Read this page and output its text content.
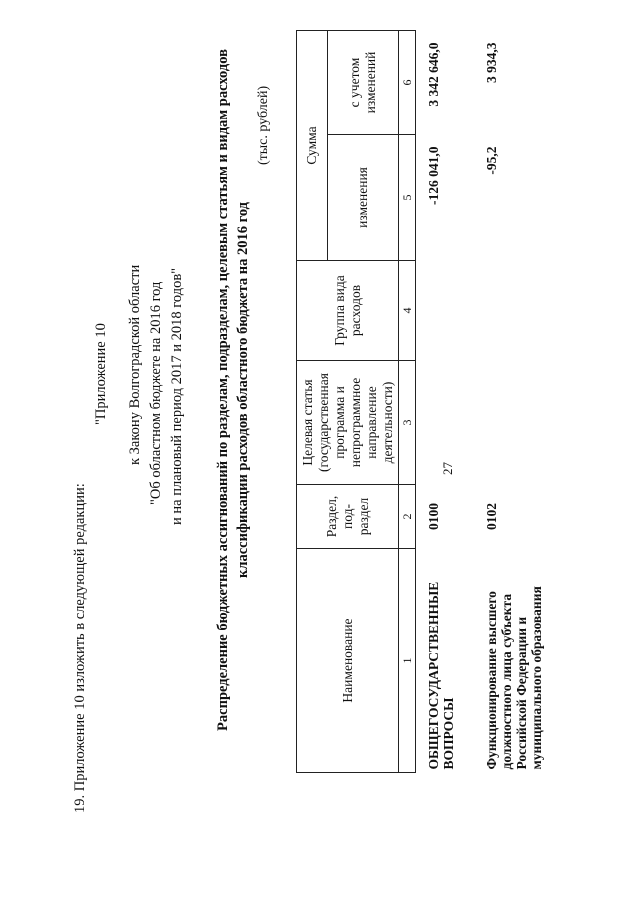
27
19. Приложение 10 изложить в следующей редакции:
"Приложение 10 к Закону Волгоградской области "Об областном бюджете на 2016 год и на плановый период 2017 и 2018 годов" Распределение бюджетных ассигнований по разделам, подразделам, целевым статьям и видам расходов классификации расходов областного бюджета на 2016 год
(тыс. рублей)
Наименование	Раздел, под-раздел	Целевая статья (государственная программа и непрограммное направление деятельности)	Группа вида расходов	Сумма	
				изменения	с учетом изменений
1	2	3	4	5	6
ОБЩЕГОСУДАРСТВЕННЫЕ ВОПРОСЫ	0100			-126 041,0	3 342 646,0
Функционирование высшего должностного лица субъекта Российской Федерации и муниципального образования	0102			-95,2	3 934,3
